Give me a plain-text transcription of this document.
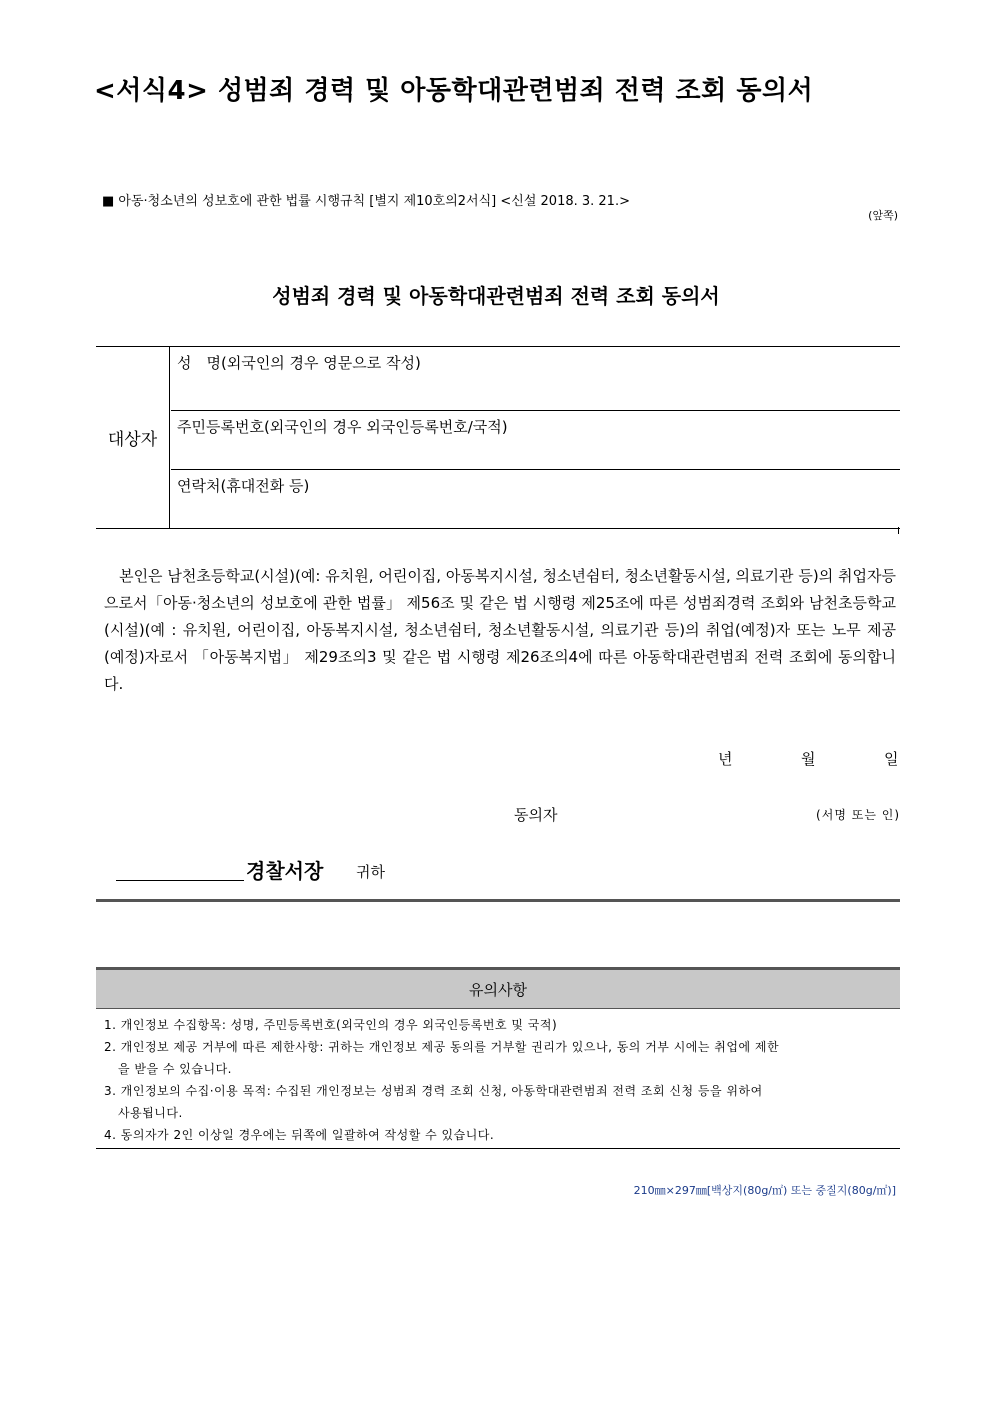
<서식4> 성범죄 경력 및 아동학대관련범죄 전력 조회 동의서
■ 아동·청소년의 성보호에 관한 법률 시행규칙 [별지 제10호의2서식] <신설 2018. 3. 21.>
(앞쪽)
성범죄 경력 및 아동학대관련범죄 전력 조회 동의서
대상자
성　명(외국인의 경우 영문으로 작성)
주민등록번호(외국인의 경우 외국인등록번호/국적)
연락처(휴대전화 등)
　본인은 남천초등학교(시설)(예: 유치원, 어린이집, 아동복지시설, 청소년쉼터, 청소년활동시설, 의료기관 등)의 취업자등으로서「아동·청소년의 성보호에 관한 법률」 제56조 및 같은 법 시행령 제25조에 따른 성범죄경력 조회와 남천초등학교(시설)(예 : 유치원, 어린이집, 아동복지시설, 청소년쉼터, 청소년활동시설, 의료기관 등)의 취업(예정)자 또는 노무 제공(예정)자로서 「아동복지법」 제29조의3 및 같은 법 시행령 제26조의4에 따른 아동학대관련범죄 전력 조회에 동의합니다.
년	월	일
동의자	(서명 또는 인)
경찰서장 귀하
유의사항
1. 개인정보 수집항목: 성명, 주민등록번호(외국인의 경우 외국인등록번호 및 국적)
2. 개인정보 제공 거부에 따른 제한사항: 귀하는 개인정보 제공 동의를 거부할 권리가 있으나, 동의 거부 시에는 취업에 제한
을 받을 수 있습니다.
3. 개인정보의 수집·이용 목적: 수집된 개인정보는 성범죄 경력 조회 신청, 아동학대관련범죄 전력 조회 신청 등을 위하여
사용됩니다.
4. 동의자가 2인 이상일 경우에는 뒤쪽에 일괄하여 작성할 수 있습니다.
210㎜×297㎜[백상지(80g/㎡) 또는 중질지(80g/㎡)]
